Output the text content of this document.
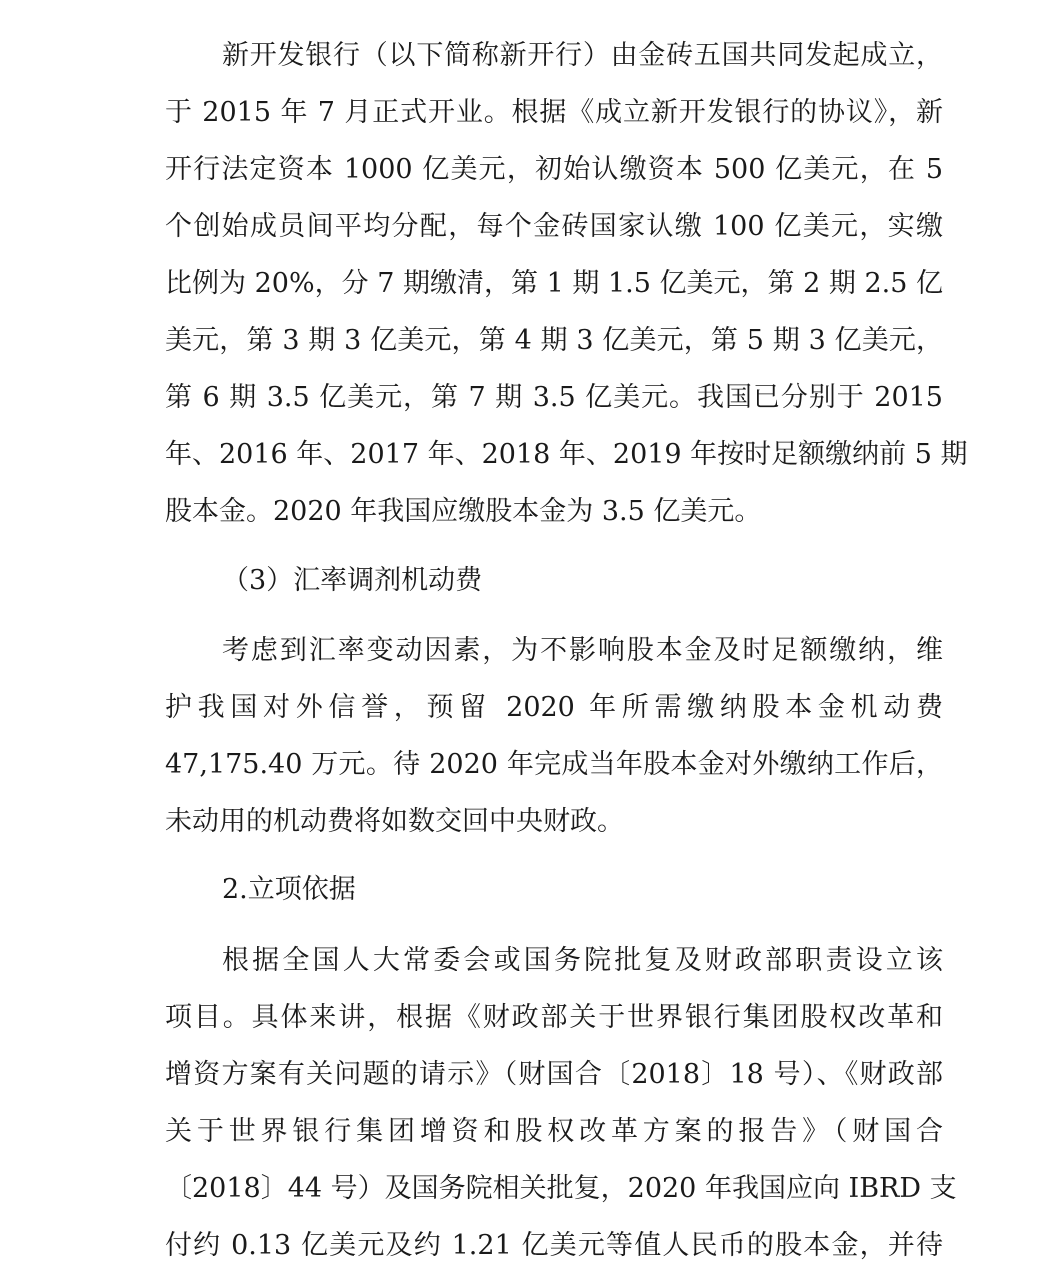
新开发银行（以下简称新开行）由金砖五国共同发起成立，

于 2015 年 7 月正式开业。根据《成立新开发银行的协议》，新

开行法定资本 1000 亿美元，初始认缴资本 500 亿美元，在 5

个创始成员间平均分配，每个金砖国家认缴 100 亿美元，实缴

比例为 20%，分 7 期缴清，第 1 期 1.5 亿美元，第 2 期 2.5 亿

美元，第 3 期 3 亿美元，第 4 期 3 亿美元，第 5 期 3 亿美元，

第 6 期 3.5 亿美元，第 7 期 3.5 亿美元。我国已分别于 2015

年、2016 年、2017 年、2018 年、2019 年按时足额缴纳前 5 期

股本金。2020 年我国应缴股本金为 3.5 亿美元。

（3）汇率调剂机动费

考虑到汇率变动因素，为不影响股本金及时足额缴纳，维

护我国对外信誉，预留 2020 年所需缴纳股本金机动费

47,175.40 万元。待 2020 年完成当年股本金对外缴纳工作后，

未动用的机动费将如数交回中央财政。

2.立项依据

根据全国人大常委会或国务院批复及财政部职责设立该

项目。具体来讲，根据《财政部关于世界银行集团股权改革和

增资方案有关问题的请示》（财国合〔2018〕18 号）、《财政部

关于世界银行集团增资和股权改革方案的报告》（财国合

〔2018〕44 号）及国务院相关批复，2020 年我国应向 IBRD 支

付约 0.13 亿美元及约 1.21 亿美元等值人民币的股本金，并待
